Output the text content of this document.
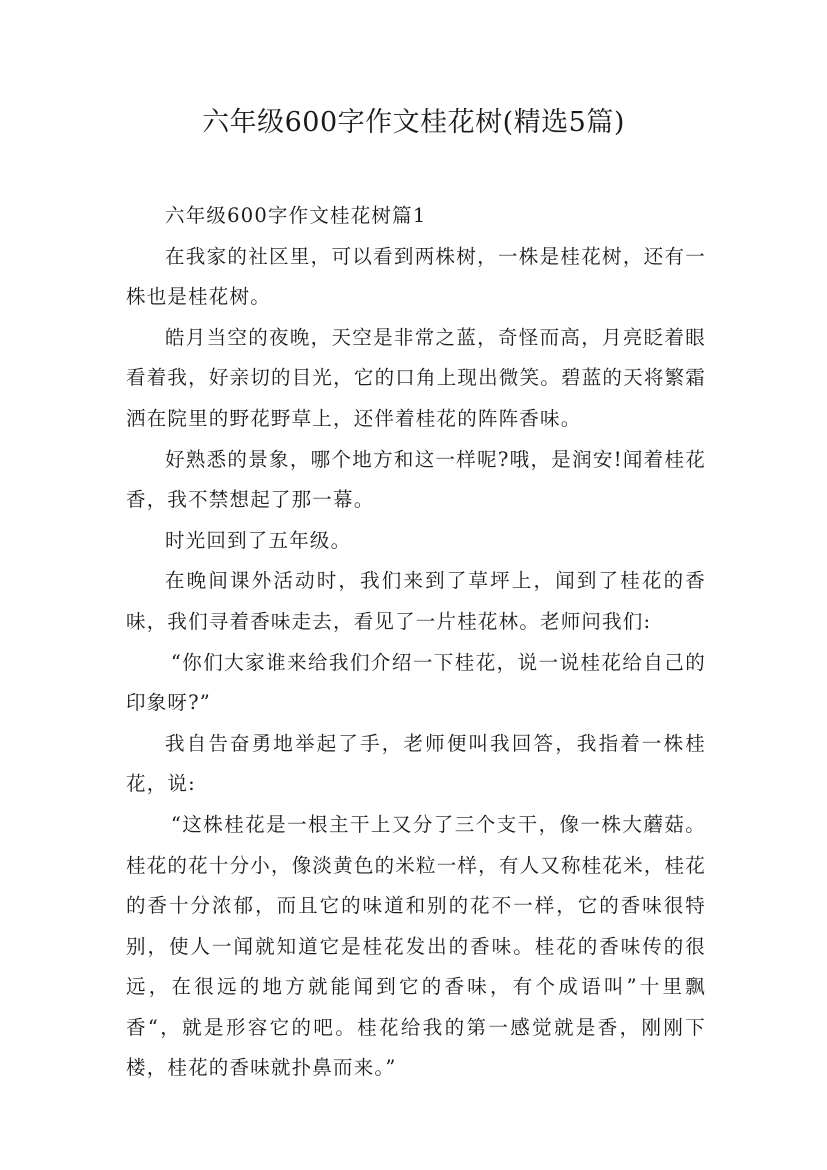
六年级600字作文桂花树(精选5篇)

六年级600字作文桂花树篇1

在我家的社区里，可以看到两株树，一株是桂花树，还有一株也是桂花树。

皓月当空的夜晚，天空是非常之蓝，奇怪而高，月亮眨着眼看着我，好亲切的目光，它的口角上现出微笑。碧蓝的天将繁霜洒在院里的野花野草上，还伴着桂花的阵阵香味。

好熟悉的景象，哪个地方和这一样呢?哦，是润安!闻着桂花香，我不禁想起了那一幕。

时光回到了五年级。

在晚间课外活动时，我们来到了草坪上，闻到了桂花的香味，我们寻着香味走去，看见了一片桂花林。老师问我们:

“你们大家谁来给我们介绍一下桂花，说一说桂花给自己的印象呀?”

我自告奋勇地举起了手，老师便叫我回答，我指着一株桂花，说:

“这株桂花是一根主干上又分了三个支干，像一株大蘑菇。桂花的花十分小，像淡黄色的米粒一样，有人又称桂花米，桂花的香十分浓郁，而且它的味道和别的花不一样，它的香味很特别，使人一闻就知道它是桂花发出的香味。桂花的香味传的很远，在很远的地方就能闻到它的香味，有个成语叫”十里飘香“，就是形容它的吧。桂花给我的第一感觉就是香，刚刚下楼，桂花的香味就扑鼻而来。”
